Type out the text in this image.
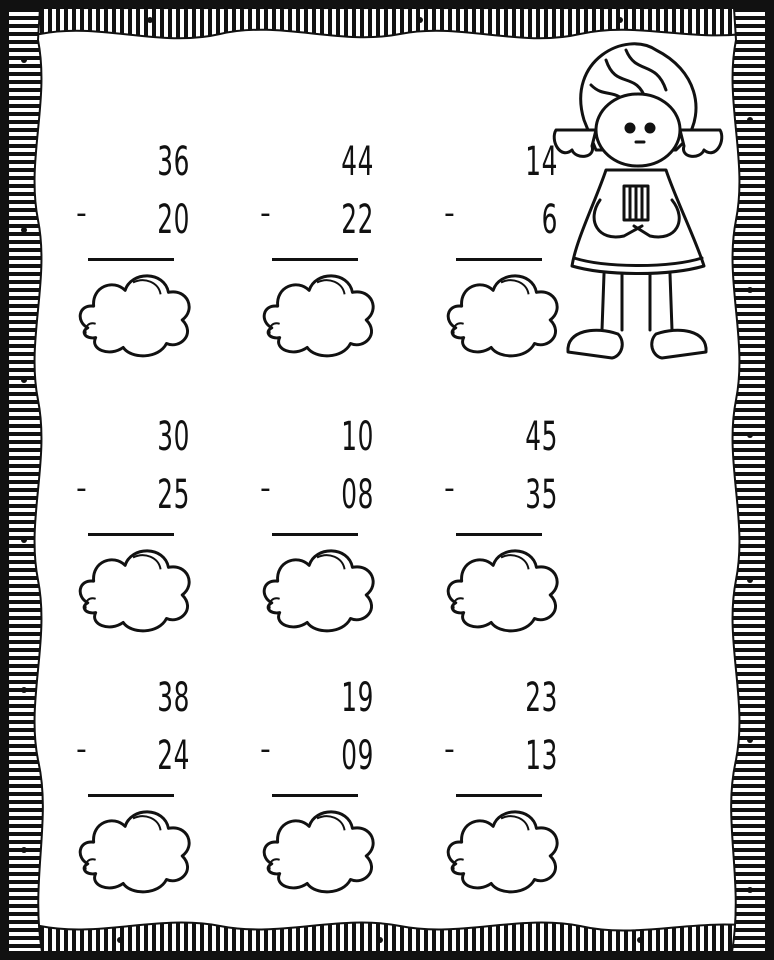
36
-	20
44
-	22
14
-	6
30
-	25
10
-	08
45
-	35
38
-	24
19
-	09
23
-	13
